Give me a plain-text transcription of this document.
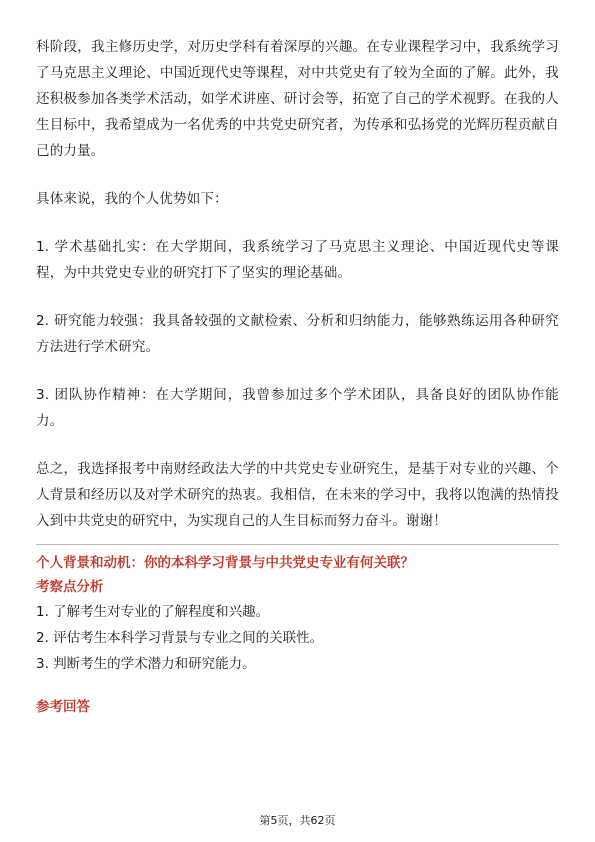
科阶段，我主修历史学，对历史学科有着深厚的兴趣。在专业课程学习中，我系统学习了马克思主义理论、中国近现代史等课程，对中共党史有了较为全面的了解。此外，我还积极参加各类学术活动，如学术讲座、研讨会等，拓宽了自己的学术视野。在我的人生目标中，我希望成为一名优秀的中共党史研究者，为传承和弘扬党的光辉历程贡献自己的力量。

具体来说，我的个人优势如下：

1. 学术基础扎实：在大学期间，我系统学习了马克思主义理论、中国近现代史等课程，为中共党史专业的研究打下了坚实的理论基础。

2. 研究能力较强：我具备较强的文献检索、分析和归纳能力，能够熟练运用各种研究方法进行学术研究。

3. 团队协作精神：在大学期间，我曾参加过多个学术团队，具备良好的团队协作能力。

总之，我选择报考中南财经政法大学的中共党史专业研究生，是基于对专业的兴趣、个人背景和经历以及对学术研究的热衷。我相信，在未来的学习中，我将以饱满的热情投入到中共党史的研究中，为实现自己的人生目标而努力奋斗。谢谢！

个人背景和动机：你的本科学习背景与中共党史专业有何关联？

考察点分析

1. 了解考生对专业的了解程度和兴趣。

2. 评估考生本科学习背景与专业之间的关联性。

3. 判断考生的学术潜力和研究能力。

参考回答

第5页，共62页
